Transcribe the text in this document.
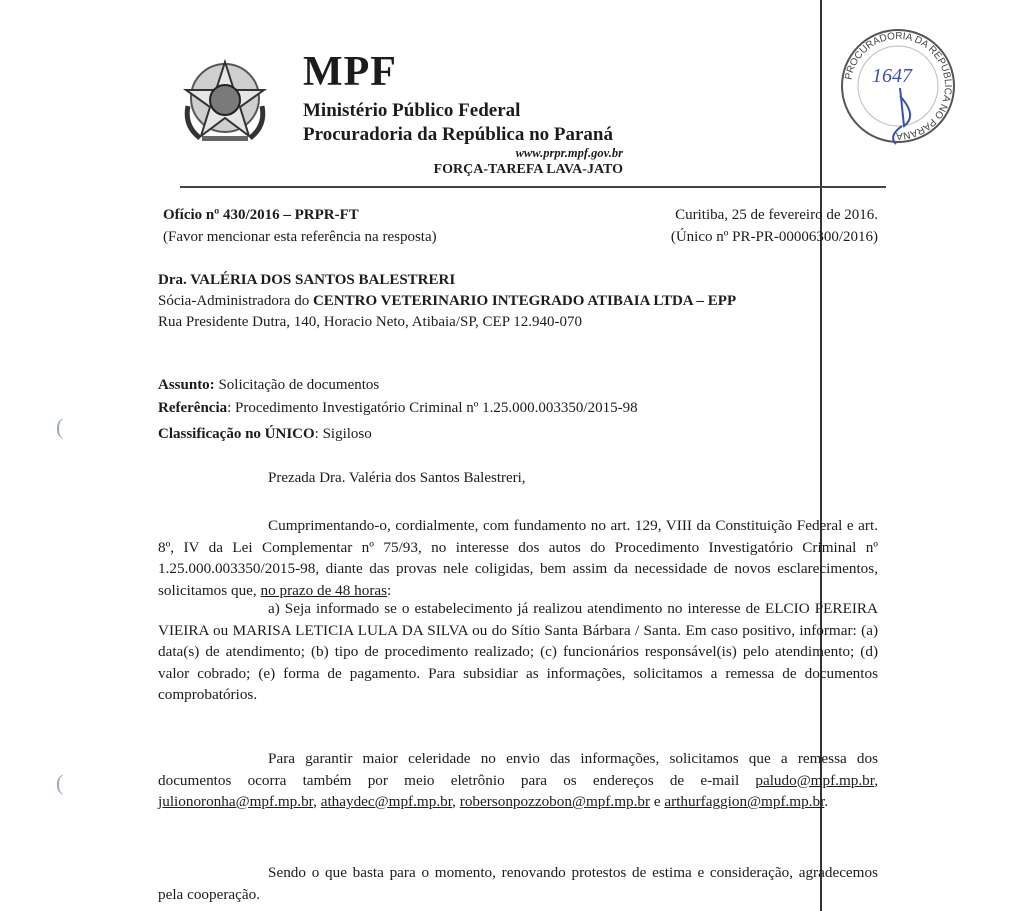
MPF
Ministério Público Federal
Procuradoria da República no Paraná
www.prpr.mpf.gov.br
FORÇA-TAREFA LAVA-JATO
PROCURADORIA DA REPUBLICA NO PARANA
1647
Ofício nº 430/2016 – PRPR-FT
(Favor mencionar esta referência na resposta)
Curitiba, 25 de fevereiro de 2016.
(Único nº PR-PR-00006300/2016)
Dra. VALÉRIA DOS SANTOS BALESTRERI
Sócia-Administradora do CENTRO VETERINARIO INTEGRADO ATIBAIA LTDA – EPP
Rua Presidente Dutra, 140, Horacio Neto, Atibaia/SP, CEP 12.940-070
Assunto: Solicitação de documentos
Referência: Procedimento Investigatório Criminal nº 1.25.000.003350/2015-98
Classificação no ÚNICO: Sigiloso
(
(
Prezada Dra. Valéria dos Santos Balestreri,

Cumprimentando-o, cordialmente, com fundamento no art. 129, VIII da Constituição Federal e art. 8º, IV da Lei Complementar nº 75/93, no interesse dos autos do Procedimento Investigatório Criminal nº 1.25.000.003350/2015-98, diante das provas nele coligidas, bem assim da necessidade de novos esclarecimentos, solicitamos que, no prazo de 48 horas:

a) Seja informado se o estabelecimento já realizou atendimento no interesse de ELCIO PEREIRA VIEIRA ou MARISA LETICIA LULA DA SILVA ou do Sítio Santa Bárbara / Santa. Em caso positivo, informar: (a) data(s) de atendimento; (b) tipo de procedimento realizado; (c) funcionários responsável(is) pelo atendimento; (d) valor cobrado; (e) forma de pagamento. Para subsidiar as informações, solicitamos a remessa de documentos comprobatórios.

Para garantir maior celeridade no envio das informações, solicitamos que a remessa dos documentos ocorra também por meio eletrônio para os endereços de e-mail paludo@mpf.mp.br, julionoronha@mpf.mp.br, athaydec@mpf.mp.br, robersonpozzobon@mpf.mp.br e arthurfaggion@mpf.mp.br.

Sendo o que basta para o momento, renovando protestos de estima e consideração, agradecemos pela cooperação.
